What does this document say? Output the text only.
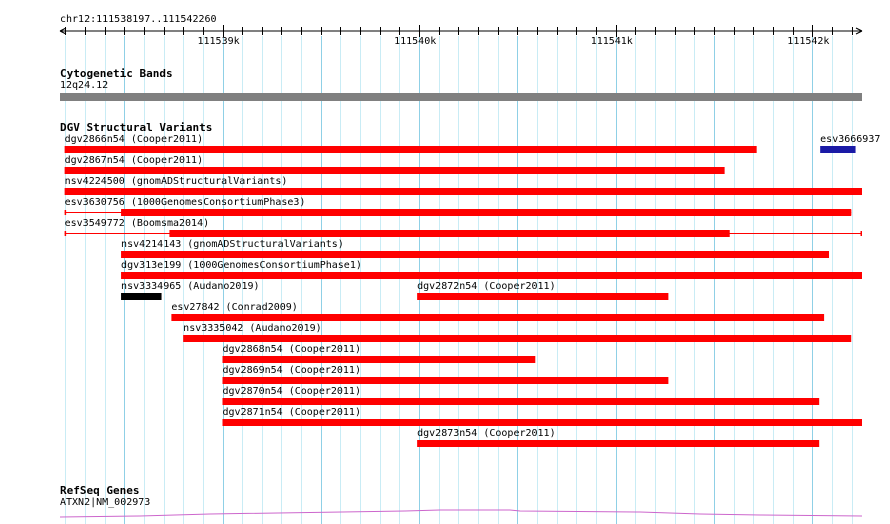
chr12:111538197..111542260
111539k	111540k	111541k	111542k
Cytogenetic Bands
12q24.12
DGV Structural Variants
dgv2866n54 (Cooper2011)	esv3666937
dgv2867n54 (Cooper2011)
nsv4224500 (gnomADStructuralVariants)
esv3630756 (1000GenomesConsortiumPhase3)
esv3549772 (Boomsma2014)
nsv4214143 (gnomADStructuralVariants)
dgv313e199 (1000GenomesConsortiumPhase1)
nsv3334965 (Audano2019)	dgv2872n54 (Cooper2011)
esv27842 (Conrad2009)
nsv3335042 (Audano2019)
dgv2868n54 (Cooper2011)
dgv2869n54 (Cooper2011)
dgv2870n54 (Cooper2011)
dgv2871n54 (Cooper2011)
dgv2873n54 (Cooper2011)
RefSeq Genes
ATXN2|NM_002973
